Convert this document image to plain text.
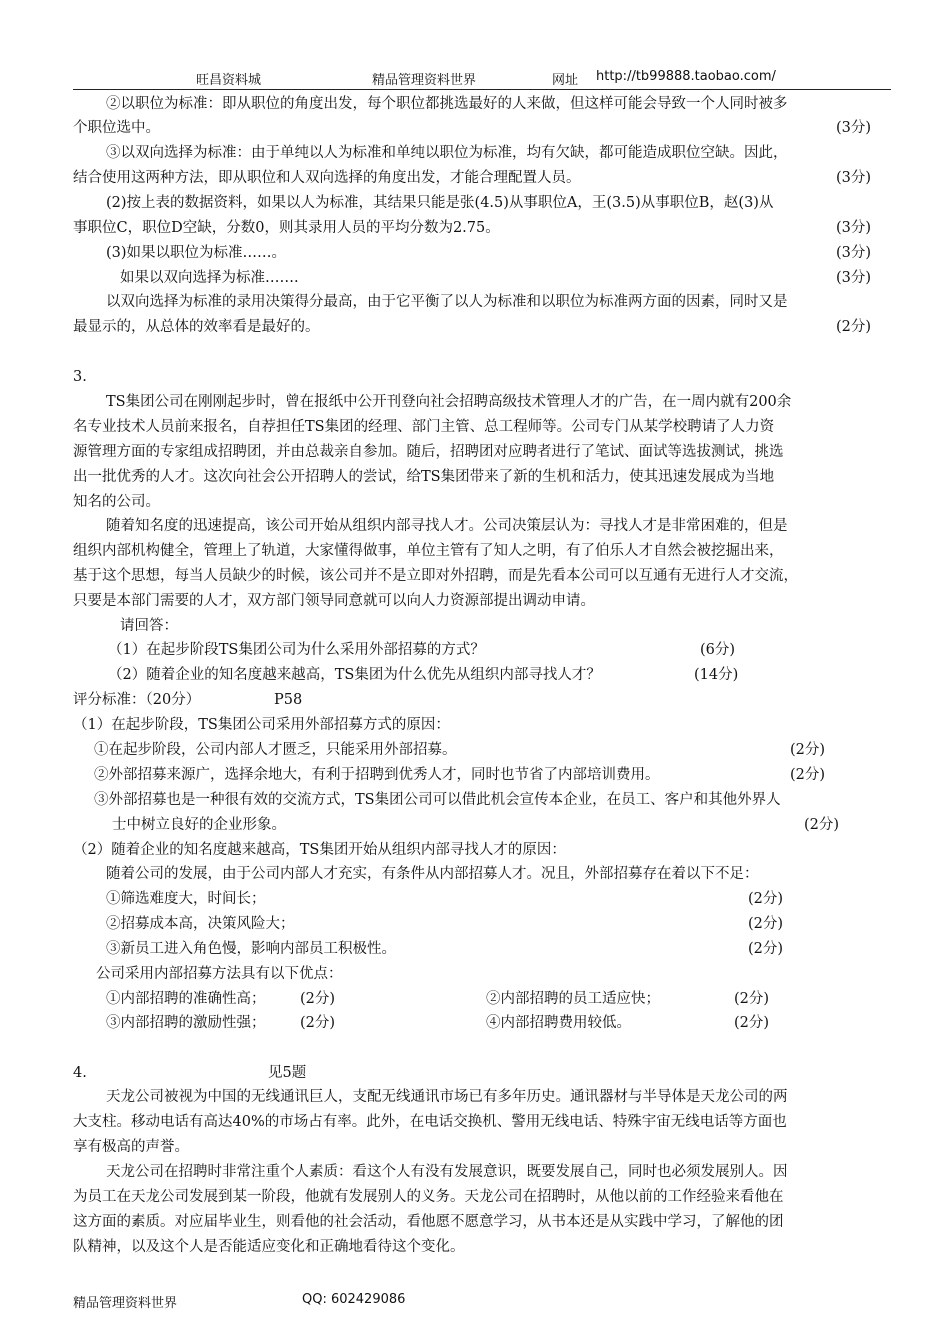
旺昌资料城	精品管理资料世界	网址 http://tb99888.taobao.com/
②以职位为标准：即从职位的角度出发，每个职位都挑选最好的人来做，但这样可能会导致一个人同时被多
个职位选中。	(3分)
③以双向选择为标准：由于单纯以人为标准和单纯以职位为标准，均有欠缺，都可能造成职位空缺。因此，
结合使用这两种方法，即从职位和人双向选择的角度出发，才能合理配置人员。	(3分)
(2)按上表的数据资料，如果以人为标准，其结果只能是张(4.5)从事职位A，王(3.5)从事职位B，赵(3)从
事职位C，职位D空缺，分数0，则其录用人员的平均分数为2.75。	(3分)
(3)如果以职位为标准……。	(3分)
如果以双向选择为标准…….	(3分)
以双向选择为标准的录用决策得分最高，由于它平衡了以人为标准和以职位为标准两方面的因素，同时又是
最显示的，从总体的效率看是最好的。	(2分)
3.
TS集团公司在刚刚起步时，曾在报纸中公开刊登向社会招聘高级技术管理人才的广告，在一周内就有200余
名专业技术人员前来报名，自荐担任TS集团的经理、部门主管、总工程师等。公司专门从某学校聘请了人力资
源管理方面的专家组成招聘团，并由总裁亲自参加。随后，招聘团对应聘者进行了笔试、面试等选拔测试，挑选
出一批优秀的人才。这次向社会公开招聘人的尝试，给TS集团带来了新的生机和活力，使其迅速发展成为当地
知名的公司。
随着知名度的迅速提高，该公司开始从组织内部寻找人才。公司决策层认为：寻找人才是非常困难的，但是
组织内部机构健全，管理上了轨道，大家懂得做事，单位主管有了知人之明，有了伯乐人才自然会被挖掘出来，
基于这个思想，每当人员缺少的时候，该公司并不是立即对外招聘，而是先看本公司可以互通有无进行人才交流，
只要是本部门需要的人才，双方部门领导同意就可以向人力资源部提出调动申请。
请回答：
（1）在起步阶段TS集团公司为什么采用外部招募的方式？	(6分)
（2）随着企业的知名度越来越高，TS集团为什么优先从组织内部寻找人才？	(14分)
评分标准：（20分）	P58
（1）在起步阶段，TS集团公司采用外部招募方式的原因：
①在起步阶段，公司内部人才匮乏，只能采用外部招募。	(2分)
②外部招募来源广，选择余地大，有利于招聘到优秀人才，同时也节省了内部培训费用。	(2分)
③外部招募也是一种很有效的交流方式，TS集团公司可以借此机会宣传本企业，在员工、客户和其他外界人
士中树立良好的企业形象。	(2分)
（2）随着企业的知名度越来越高，TS集团开始从组织内部寻找人才的原因：
随着公司的发展，由于公司内部人才充实，有条件从内部招募人才。况且，外部招募存在着以下不足：
①筛选难度大，时间长；	(2分)
②招募成本高，决策风险大；	(2分)
③新员工进入角色慢，影响内部员工积极性。	(2分)
公司采用内部招募方法具有以下优点：
①内部招聘的准确性高； (2分)	②内部招聘的员工适应快；	(2分)
③内部招聘的激励性强； (2分)	④内部招聘费用较低。	(2分)
4.	见5题
天龙公司被视为中国的无线通讯巨人，支配无线通讯市场已有多年历史。通讯器材与半导体是天龙公司的两
大支柱。移动电话有高达40%的市场占有率。此外，在电话交换机、警用无线电话、特殊宇宙无线电话等方面也
享有极高的声誉。
天龙公司在招聘时非常注重个人素质：看这个人有没有发展意识，既要发展自己，同时也必须发展别人。因
为员工在天龙公司发展到某一阶段，他就有发展别人的义务。天龙公司在招聘时，从他以前的工作经验来看他在
这方面的素质。对应届毕业生，则看他的社会活动，看他愿不愿意学习，从书本还是从实践中学习，了解他的团
队精神，以及这个人是否能适应变化和正确地看待这个变化。
精品管理资料世界	QQ: 602429086
